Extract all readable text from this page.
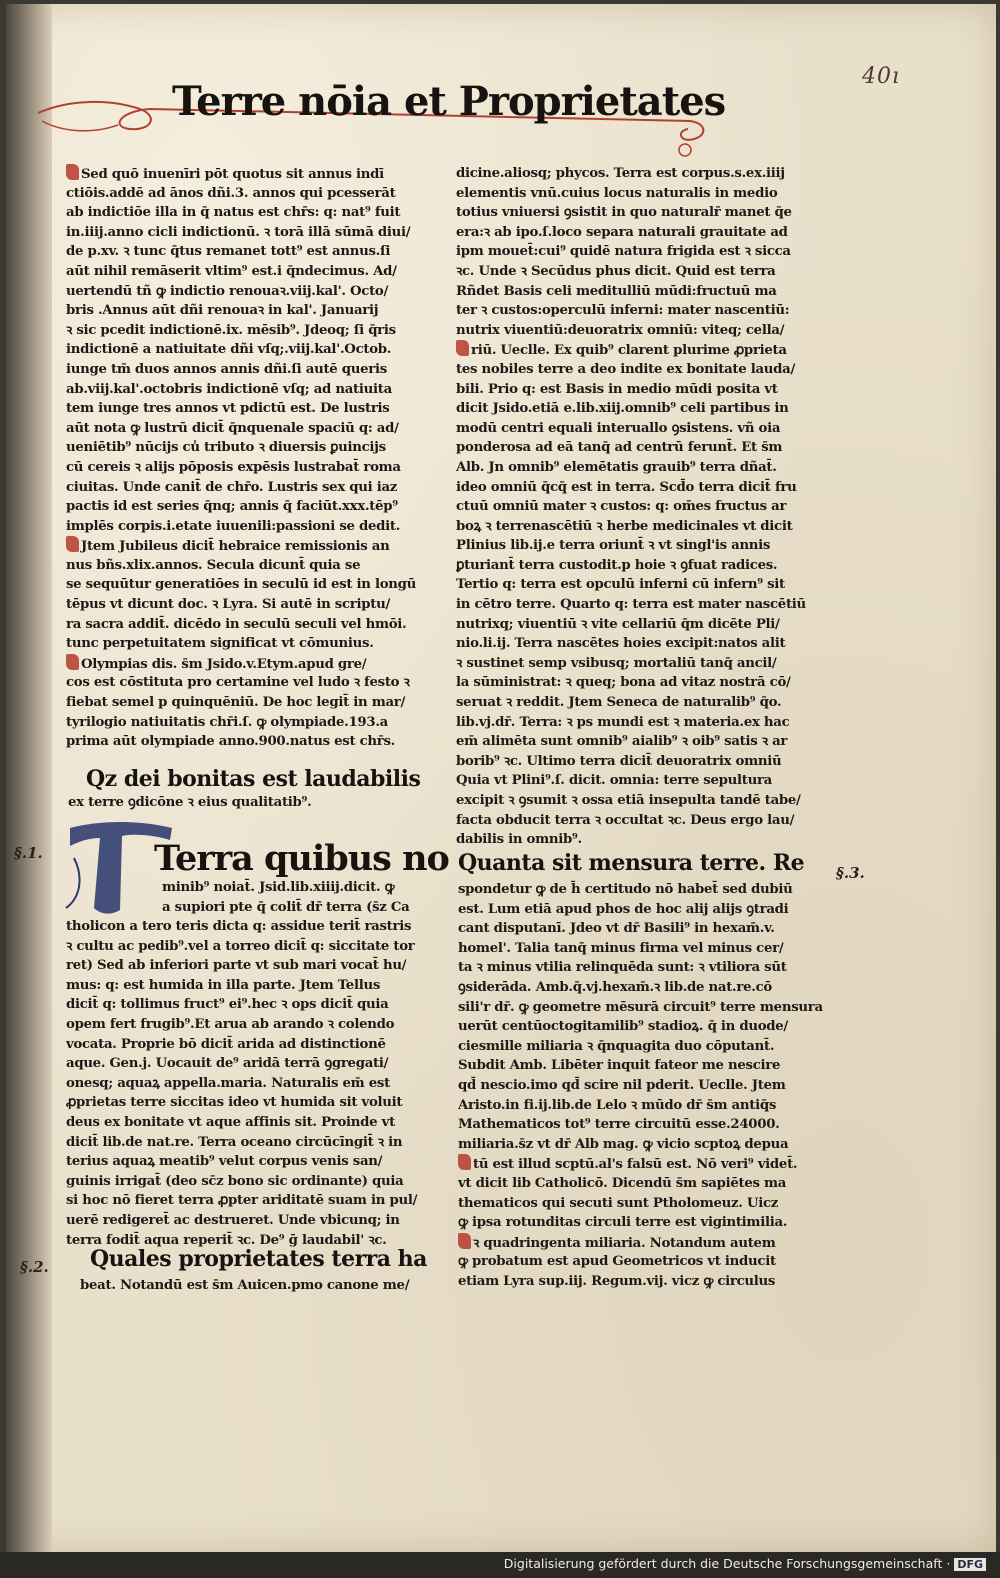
40ı
Terre nōia et Proprietates
Sed quō inuenīri pōt quotus sit annus indī
ctiōis.addē ad ānos dñi.3. annos qui pcesserāt
ab indictiōe illa in q̄ natus est chr̄s: q: nat⁹ fuit
in.iiij.anno cicli indictionū. ꝛ torā illā sūmā diui/
de p.xv. ꝛ tunc q̄tus remanet tott⁹ est annus.ſi
aūt nihil remāserit vltim⁹ est.i q̄ndecimus. Ad/
uertendū tñ ꝙ indictio renouaꝛ.viij.kal'. Octo/
bris .Annus aūt dñi renouaꝛ in kal'. Januarij
ꝛ sic pcedit indictionē.ix. mēsib⁹. Jdeoq; ſi q̄ris
indictionē a natiuitate dñi vſq;.viij.kal'.Octob.
iunge tm̄ duos annos annis dñi.ſi autē queris
ab.viij.kal'.octobris indictionē vſq; ad natiuita
tem iunge tres annos vt pdictū est. De lustris
aūt nota ꝙ lustrū dicit̄ q̄nquenale spaciū q: ad/
ueniētib⁹ nūcijs cu̾ tributo ꝛ diuersis ꝑuincijs
cū cereis ꝛ alijs pōposis expēsis lustrabat̄ roma
ciuitas. Unde canit̄ de chr̄o. Lustris sex qui iaz
pactis id est series q̄nq; annis q̄ faciūt.xxx.tēp⁹
implēs corpis.i.etate iuuenili:passioni se dedit.
Jtem Jubileus dicit̄ hebraice remissionis an
nus bñs.xlix.annos. Secula dicunt̄ quia se
se sequūtur generatiōes in seculū id est in longū
tēpus vt dicunt doc. ꝛ Lyra. Si autē in scriptu/
ra sacra addit̄. dicēdo in seculū seculi vel hmōi.
tunc perpetuitatem significat vt cōmunius.
Olympias dis. s̄m Jsido.v.Etym.apud gre/
cos est cōstituta pro certamine vel ludo ꝛ festo ꝛ
fiebat semel p quinquēniū. De hoc legit̄ in mar/
tyrilogio natiuitatis chr̄i.ſ. ꝙ olympiade.193.a
prima aūt olympiade anno.900.natus est chr̄s.
Qz dei bonitas est laudabilis
ex terre ꝯdicōne ꝛ eius qualitatib⁹.
§.1.	Terra quibus no
minib⁹ noiat̄. Jsid.lib.xiiij.dicit. ꝙ
a supiori pte q̄ colit̄ dr̄ terra (s̄z Ca
tholicon a tero teris dicta q: assidue terit̄ rastris
ꝛ cultu ac pedib⁹.vel a torreo dicit̄ q: siccitate tor
ret) Sed ab inferiori parte vt sub mari vocat̄ hu/
mus: q: est humida in illa parte. Jtem Tellus
dicit̄ q: tollimus fruct⁹ ei⁹.hec ꝛ ops dicit̄ quia
opem fert frugib⁹.Et arua ab arando ꝛ colendo
vocata. Proprie bō dicit̄ arida ad distinctionē
aque. Gen.j. Uocauit de⁹ aridā terrā ꝯgregati/
onesq; aquaꝝ appella.maria. Naturalis em̄ est
ꝓprietas terre siccitas ideo vt humida sit voluit
deus ex bonitate vt aque affinis sit. Proinde vt
dicit̄ lib.de nat.re. Terra oceano circūcīngit̄ ꝛ in
terius aquaꝝ meatib⁹ velut corpus venis san/
guinis irrigat̄ (deo sc̄z bono sic ordinante) quia
si hoc nō fieret terra ꝓpter ariditatē suam in pul/
uerē redigeret̄ ac destrueret. Unde vbicunq; in
terra fodit̄ aqua reperit̄ ꝛc. De⁹ ḡ laudabil' ꝛc.
§.2. Quales proprietates terra ha
beat. Notandū est s̄m Auicen.pmo canone me/
dicine.aliosq; phycos. Terra est corpus.s.ex.iiij
elementis vnū.cuius locus naturalis in medio
totius vniuersi ꝯsistit in quo naturalr̄ manet q̄e
era:ꝛ ab ipo.ſ.loco separa naturali grauitate ad
ipm mouet̄:cui⁹ quidē natura frigida est ꝛ sicca
ꝛc. Unde ꝛ Secūdus phus dicit. Quid est terra
Rñdet Basis celi meditulliū mūdi:fructuū ma
ter ꝛ custos:operculū inferni: mater nascentiū:
nutrix viuentiū:deuoratrix omniū: viteq; cella/
riū. Ueclle. Ex quib⁹ clarent plurime ꝓprieta
tes nobiles terre a deo indite ex bonitate lauda/
bili. Prio q: est Basis in medio mūdi posita vt
dicit Jsido.etiā e.lib.xiij.omnib⁹ celi partibus in
modū centri equali interuallo ꝯsistens. vñ oia
ponderosa ad eā tanq̄ ad centrū ferunt̄. Et s̄m
Alb. Jn omnib⁹ elemētatis grauib⁹ terra dñat̄.
ideo omniū q̄cq̄ est in terra. Scd̄o terra dicit̄ fru
ctuū omniū mater ꝛ custos: q: om̄es fructus ar
boꝝ ꝛ terrenascētiū ꝛ herbe medicinales vt dicit
Plinius lib.ij.e terra oriunt̄ ꝛ vt singl'is annis
ꝑturiant̄ terra custodit.p hoie ꝛ ꝯfuat radices.
Tertio q: terra est opculū inferni cū infern⁹ sit
in cētro terre. Quarto q: terra est mater nascētiū
nutrixq; viuentiū ꝛ vite cellariū q̄m dicēte Pli/
nio.li.ij. Terra nascētes hoies excipit:natos alit
ꝛ sustinet semp vsibusq; mortaliū tanq̄ ancil/
la sūministrat: ꝛ queq; bona ad vitaz nostrā cō/
seruat ꝛ reddit. Jtem Seneca de naturalib⁹ q̄o.
lib.vj.dr̄. Terra: ꝛ ps mundi est ꝛ materia.ex hac
em̄ alimēta sunt omnib⁹ aialib⁹ ꝛ oib⁹ satis ꝛ ar
borib⁹ ꝛc. Ultimo terra dicit̄ deuoratrix omniū
Quia vt Plini⁹.ſ. dicit. omnia: terre sepultura
excipit ꝛ ꝯsumit ꝛ ossa etiā insepulta tandē tabe/
facta obducit terra ꝛ occultat ꝛc. Deus ergo lau/
dabilis in omnib⁹.
Quanta sit mensura terre. Re §.3.
spondetur ꝙ de h̄ certitudo nō habet̄ sed dubiū
est. Lum etiā apud phos de hoc alij alijs ꝯtradi
cant disputanī. Jdeo vt dr̄ Basili⁹ in hexam̄.v.
homel'. Talia tanq̄ minus firma vel minus cer/
ta ꝛ minus vtilia relinquēda sunt: ꝛ vtiliora sūt
ꝯsiderāda. Amb.q̄.vj.hexam̄.ꝛ lib.de nat.re.cō
sili'r dr̄. ꝙ geometre mēsurā circuit⁹ terre mensura
uerūt centūoctogitamilib⁹ stadioꝝ. q̄ in duode/
ciesmille miliaria ꝛ q̄nquagita duo cōputant̄.
Subdit Amb. Libēter inquit fateor me nescire
qd̄ nescio.imo qd̄ scire nil pderit. Ueclle. Jtem
Aristo.in fi.ij.lib.de Lelo ꝛ mūdo dr̄ s̄m antiq̄s
Mathematicos tot⁹ terre circuitū esse.24000.
miliaria.s̄z vt dr̄ Alb mag. ꝙ vicio scptoꝝ depua
tū est illud scptū.al's falsū est. Nō veri⁹ videt̄.
vt dicit lib Catholicō. Dicendū s̄m sapiētes ma
thematicos qui secuti sunt Ptholomeuz. Uicz
ꝙ ipsa rotunditas circuli terre est vigintimilia.
ꝛ quadringenta miliaria. Notandum autem
ꝙ probatum est apud Geometricos vt inducit
etiam Lyra sup.iij. Regum.vij. vicz ꝙ circulus
Digitalisierung gefördert durch die Deutsche Forschungsgemeinschaft · DFG
